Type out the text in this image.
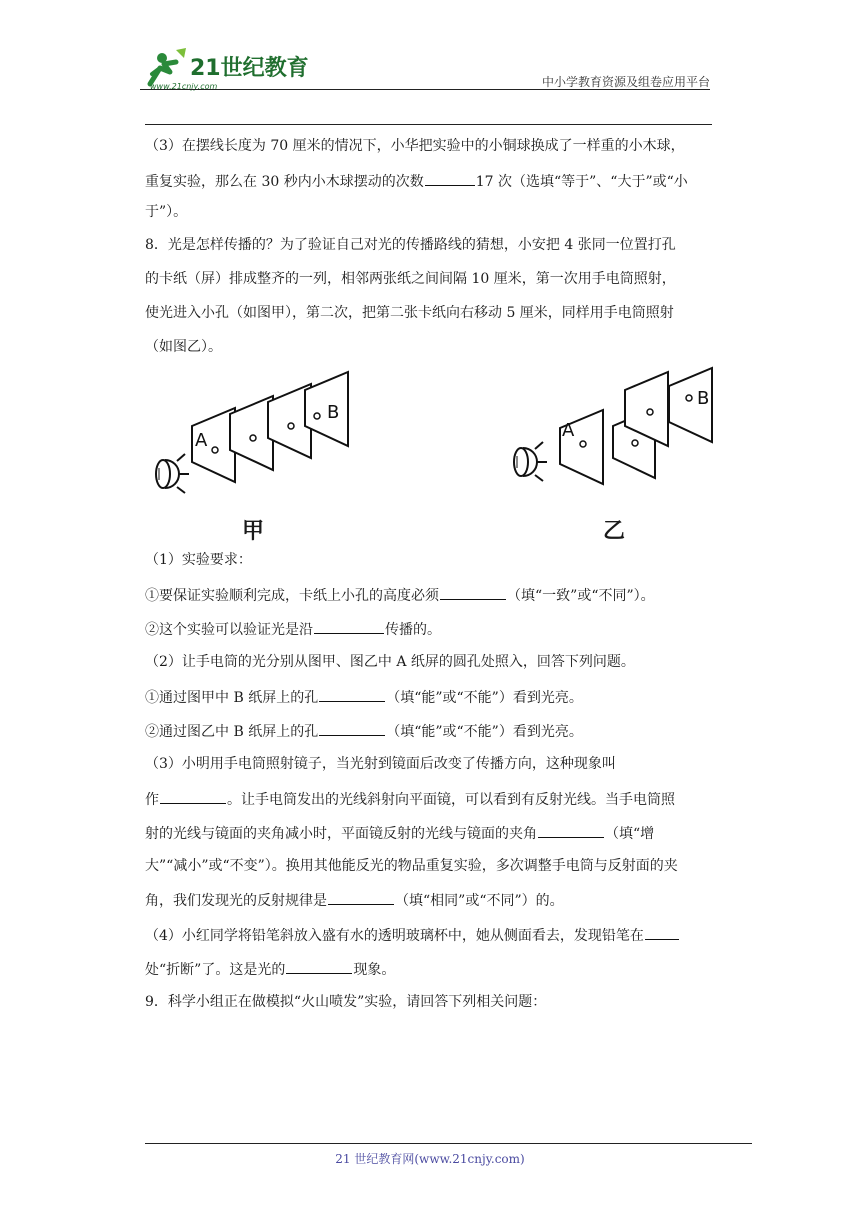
21世纪教育
www.21cnjy.com	中小学教育资源及组卷应用平台
（3）在摆线长度为 70 厘米的情况下，小华把实验中的小铜球换成了一样重的小木球，
重复实验，那么在 30 秒内小木球摆动的次数	17 次（选填“等于”、“大于”或“小
于”）。
8．光是怎样传播的？为了验证自己对光的传播路线的猜想，小安把 4 张同一位置打孔
的卡纸（屏）排成整齐的一列，相邻两张纸之间间隔 10 厘米，第一次用手电筒照射，
使光进入小孔（如图甲），第二次，把第二张卡纸向右移动 5 厘米，同样用手电筒照射
（如图乙）。
A
B
甲
A
B
乙
（1）实验要求：
①要保证实验顺利完成，卡纸上小孔的高度必须	（填“一致”或“不同”）。
②这个实验可以验证光是沿	传播的。
（2）让手电筒的光分别从图甲、图乙中 A 纸屏的圆孔处照入，回答下列问题。
①通过图甲中 B 纸屏上的孔	（填“能”或“不能”）看到光亮。
②通过图乙中 B 纸屏上的孔	（填“能”或“不能”）看到光亮。
（3）小明用手电筒照射镜子，当光射到镜面后改变了传播方向，这种现象叫
作	。让手电筒发出的光线斜射向平面镜，可以看到有反射光线。当手电筒照
射的光线与镜面的夹角减小时，平面镜反射的光线与镜面的夹角	（填“增
大”“减小”或“不变”）。换用其他能反光的物品重复实验，多次调整手电筒与反射面的夹
角，我们发现光的反射规律是	（填“相同”或“不同”）的。
（4）小红同学将铅笔斜放入盛有水的透明玻璃杯中，她从侧面看去，发现铅笔在
处“折断”了。这是光的	现象。
9．科学小组正在做模拟“火山喷发”实验，请回答下列相关问题：
21 世纪教育网(www.21cnjy.com)
